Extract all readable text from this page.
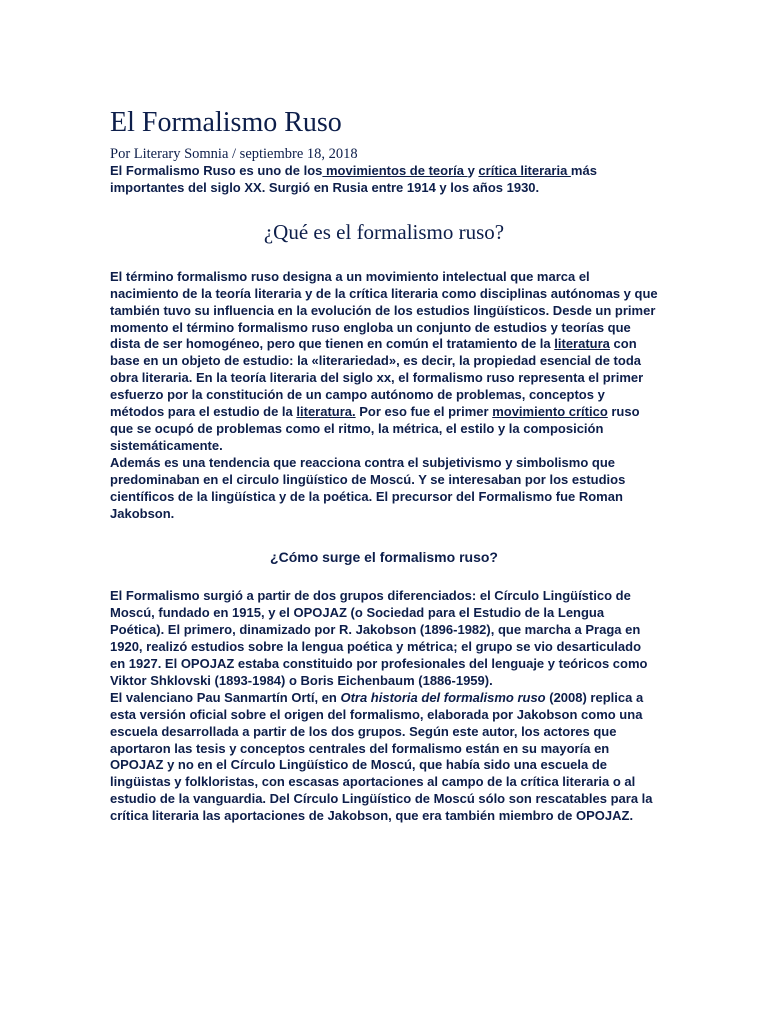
El Formalismo Ruso

Por Literary Somnia / septiembre 18, 2018

El Formalismo Ruso es uno de los movimientos de teoría y crítica literaria más importantes del siglo XX. Surgió en Rusia entre 1914 y los años 1930.

¿Qué es el formalismo ruso?

El término formalismo ruso designa a un movimiento intelectual que marca el nacimiento de la teoría literaria y de la crítica literaria como disciplinas autónomas y que también tuvo su influencia en la evolución de los estudios lingüísticos. Desde un primer momento el término formalismo ruso engloba un conjunto de estudios y teorías que dista de ser homogéneo, pero que tienen en común el tratamiento de la literatura con base en un objeto de estudio: la «literariedad», es decir, la propiedad esencial de toda obra literaria. En la teoría literaria del siglo xx, el formalismo ruso representa el primer esfuerzo por la constitución de un campo autónomo de problemas, conceptos y métodos para el estudio de la literatura. Por eso fue el primer movimiento crítico ruso que se ocupó de problemas como el ritmo, la métrica, el estilo y la composición sistemáticamente.
Además es una tendencia que reacciona contra el subjetivismo y simbolismo que predominaban en el circulo lingüístico de Moscú. Y se interesaban por los estudios científicos de la lingüística y de la poética. El precursor del Formalismo fue Roman Jakobson.

¿Cómo surge el formalismo ruso?

El Formalismo surgió a partir de dos grupos diferenciados: el Círculo Lingüístico de Moscú, fundado en 1915, y el OPOJAZ (o Sociedad para el Estudio de la Lengua Poética). El primero, dinamizado por R. Jakobson (1896-1982), que marcha a Praga en 1920, realizó estudios sobre la lengua poética y métrica; el grupo se vio desarticulado en 1927. El OPOJAZ estaba constituido por profesionales del lenguaje y teóricos como Viktor Shklovski (1893-1984) o Boris Eichenbaum (1886-1959).
El valenciano Pau Sanmartín Ortí, en Otra historia del formalismo ruso (2008) replica a esta versión oficial sobre el origen del formalismo, elaborada por Jakobson como una escuela desarrollada a partir de los dos grupos. Según este autor, los actores que aportaron las tesis y conceptos centrales del formalismo están en su mayoría en OPOJAZ y no en el Círculo Lingüístico de Moscú, que había sido una escuela de lingüistas y folkloristas, con escasas aportaciones al campo de la crítica literaria o al estudio de la vanguardia. Del Círculo Lingüístico de Moscú sólo son rescatables para la crítica literaria las aportaciones de Jakobson, que era también miembro de OPOJAZ.
